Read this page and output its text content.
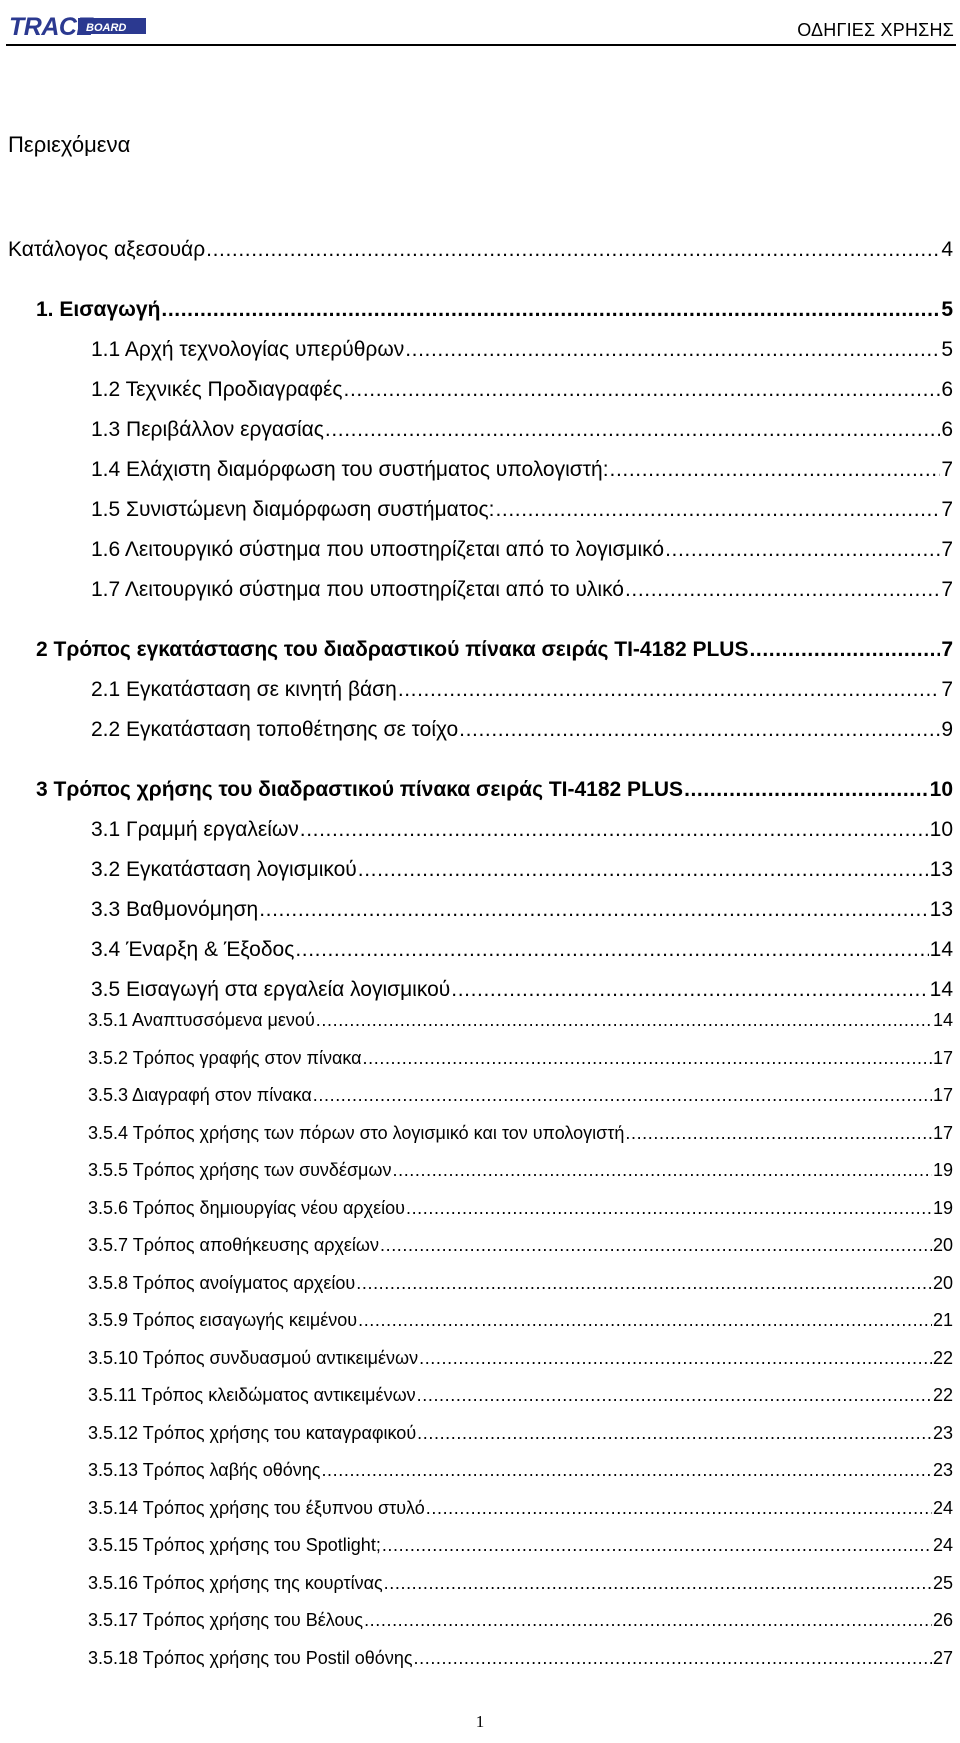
TRACE
BOARD	ΟΔΗΓΙΕΣ ΧΡΗΣΗΣ
Περιεχόμενα
Κατάλογος αξεσουάρ .....	4
1. Εισαγωγή .....	5
1.1 Αρχή τεχνολογίας υπερύθρων .....	5
1.2 Τεχνικές Προδιαγραφές .....	6
1.3 Περιβάλλον εργασίας .....	6
1.4 Ελάχιστη διαμόρφωση του συστήματος υπολογιστή: .....	7
1.5 Συνιστώμενη διαμόρφωση συστήματος: .....	7
1.6 Λειτουργικό σύστημα που υποστηρίζεται από το λογισμικό .....	7
1.7 Λειτουργικό σύστημα που υποστηρίζεται από το υλικό .....	7
2 Τρόπος εγκατάστασης του διαδραστικού πίνακα σειράς TI-4182 PLUS .....	7
2.1 Εγκατάσταση σε κινητή βάση .....	7
2.2 Εγκατάσταση τοποθέτησης σε τοίχο .....	9
3 Τρόπος χρήσης του διαδραστικού πίνακα σειράς TI-4182 PLUS .....	10
3.1 Γραμμή εργαλείων .....	10
3.2 Εγκατάσταση λογισμικού .....	13
3.3 Βαθμονόμηση .....	13
3.4 Έναρξη & Έξοδος .....	14
3.5 Εισαγωγή στα εργαλεία λογισμικού .....	14
3.5.1 Αναπτυσσόμενα μενού .....	14
3.5.2 Τρόπος γραφής στον πίνακα .....	17
3.5.3 Διαγραφή στον πίνακα .....	17
3.5.4 Τρόπος χρήσης των πόρων στο λογισμικό και τον υπολογιστή .....	17
3.5.5 Τρόπος χρήσης των συνδέσμων .....	19
3.5.6 Τρόπος δημιουργίας νέου αρχείου .....	19
3.5.7 Τρόπος αποθήκευσης αρχείων .....	20
3.5.8 Τρόπος ανοίγματος αρχείου .....	20
3.5.9 Τρόπος εισαγωγής κειμένου .....	21
3.5.10 Τρόπος συνδυασμού αντικειμένων .....	22
3.5.11 Τρόπος κλειδώματος αντικειμένων .....	22
3.5.12 Τρόπος χρήσης του καταγραφικού .....	23
3.5.13 Τρόπος λαβής οθόνης .....	23
3.5.14 Τρόπος χρήσης του έξυπνου στυλό .....	24
3.5.15 Τρόπος χρήσης του Spotlight; .....	24
3.5.16 Τρόπος χρήσης της κουρτίνας .....	25
3.5.17 Τρόπος χρήσης του Βέλους .....	26
3.5.18 Τρόπος χρήσης του Postil οθόνης .....	27
1
